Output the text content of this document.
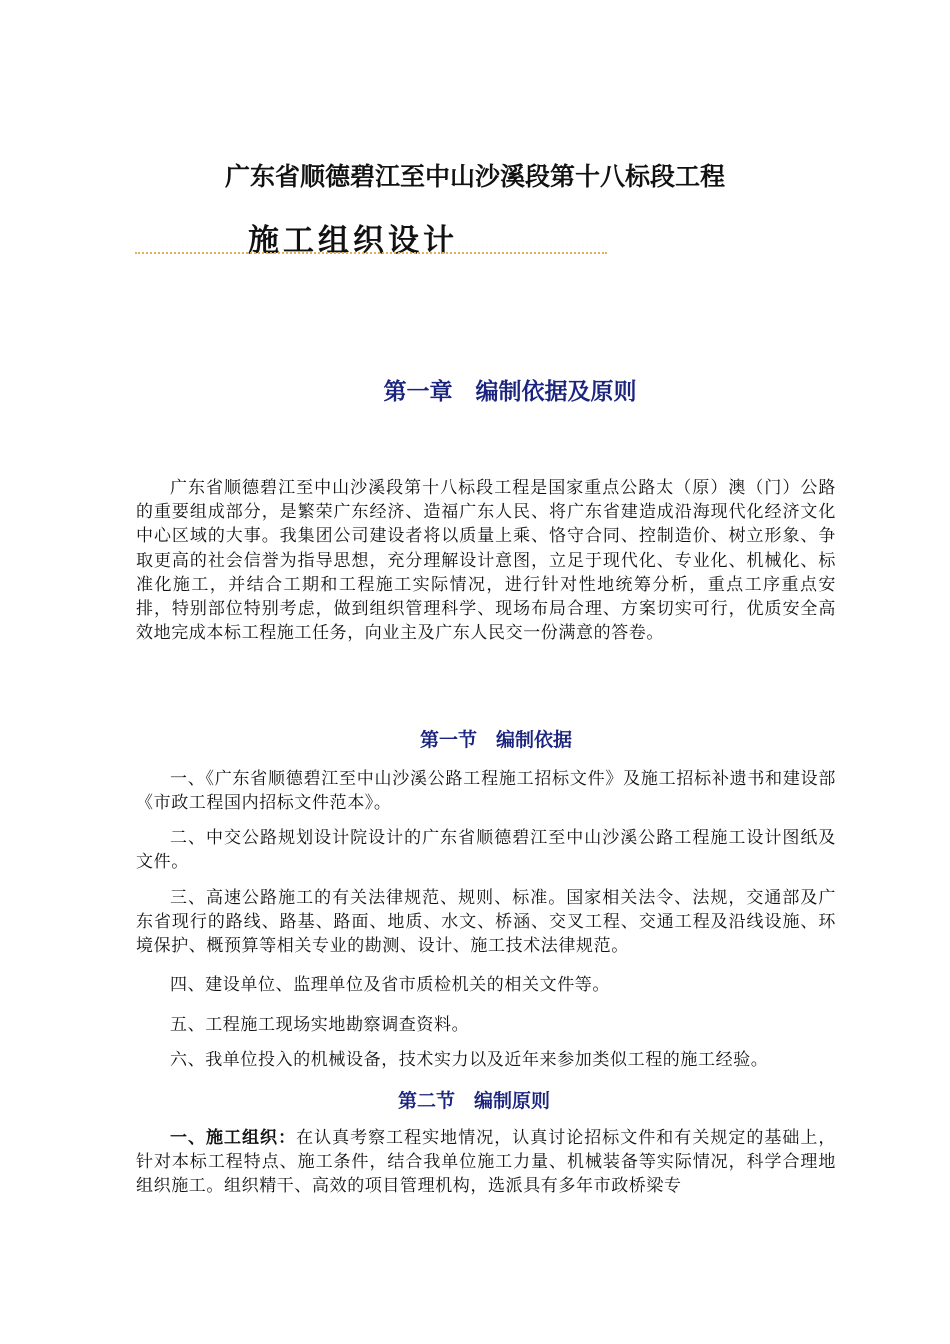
广东省顺德碧江至中山沙溪段第十八标段工程
施工组织设计
第一章　编制依据及原则

广东省顺德碧江至中山沙溪段第十八标段工程是国家重点公路太（原）澳（门）公路的重要组成部分，是繁荣广东经济、造福广东人民、将广东省建造成沿海现代化经济文化中心区域的大事。我集团公司建设者将以质量上乘、恪守合同、控制造价、树立形象、争取更高的社会信誉为指导思想，充分理解设计意图，立足于现代化、专业化、机械化、标准化施工，并结合工期和工程施工实际情况，进行针对性地统筹分析，重点工序重点安排，特别部位特别考虑，做到组织管理科学、现场布局合理、方案切实可行，优质安全高效地完成本标工程施工任务，向业主及广东人民交一份满意的答卷。

第一节　编制依据

一、《广东省顺德碧江至中山沙溪公路工程施工招标文件》及施工招标补遗书和建设部《市政工程国内招标文件范本》。

二、中交公路规划设计院设计的广东省顺德碧江至中山沙溪公路工程施工设计图纸及文件。

三、高速公路施工的有关法律规范、规则、标准。国家相关法令、法规，交通部及广东省现行的路线、路基、路面、地质、水文、桥涵、交叉工程、交通工程及沿线设施、环境保护、概预算等相关专业的勘测、设计、施工技术法律规范。

四、建设单位、监理单位及省市质检机关的相关文件等。

五、工程施工现场实地勘察调查资料。

六、我单位投入的机械设备，技术实力以及近年来参加类似工程的施工经验。

第二节　编制原则

一、施工组织：在认真考察工程实地情况，认真讨论招标文件和有关规定的基础上，针对本标工程特点、施工条件，结合我单位施工力量、机械装备等实际情况，科学合理地组织施工。组织精干、高效的项目管理机构，选派具有多年市政桥梁专
